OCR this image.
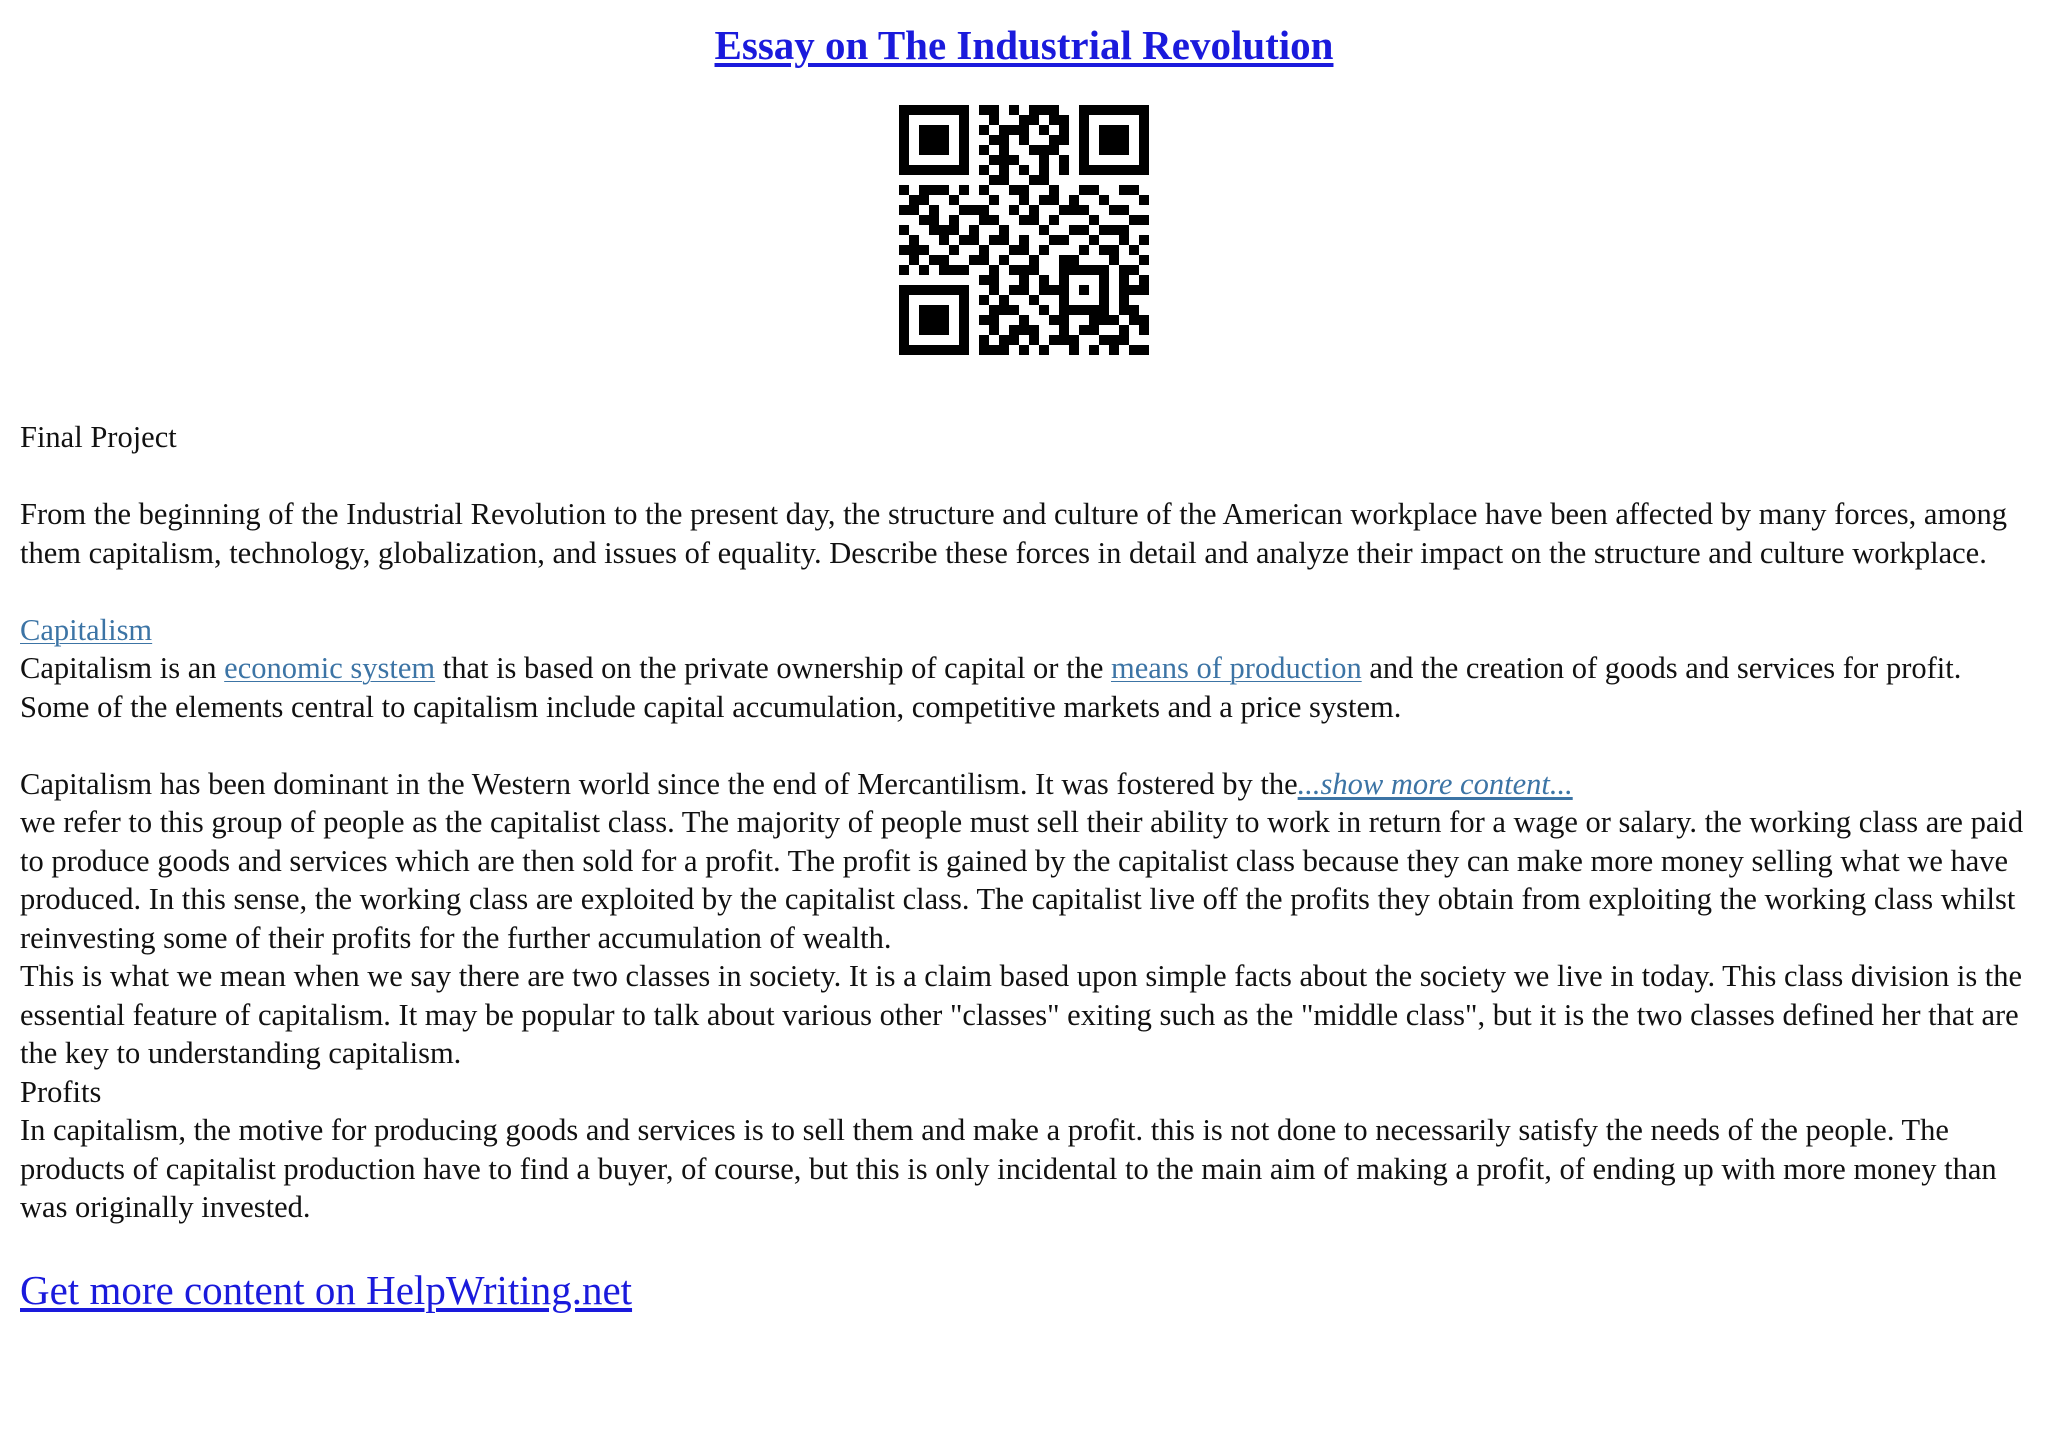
Essay on The Industrial Revolution

Final Project

From the beginning of the Industrial Revolution to the present day, the structure and culture of the American workplace have been affected by many forces, among them capitalism, technology, globalization, and issues of equality. Describe these forces in detail and analyze their impact on the structure and culture workplace.

Capitalism

Capitalism is an economic system that is based on the private ownership of capital or the means of production and the creation of goods and services for profit. Some of the elements central to capitalism include capital accumulation, competitive markets and a price system.

Capitalism has been dominant in the Western world since the end of Mercantilism. It was fostered by the...show more content...

we refer to this group of people as the capitalist class. The majority of people must sell their ability to work in return for a wage or salary. the working class are paid to produce goods and services which are then sold for a profit. The profit is gained by the capitalist class because they can make more money selling what we have produced. In this sense, the working class are exploited by the capitalist class. The capitalist live off the profits they obtain from exploiting the working class whilst reinvesting some of their profits for the further accumulation of wealth.

This is what we mean when we say there are two classes in society. It is a claim based upon simple facts about the society we live in today. This class division is the essential feature of capitalism. It may be popular to talk about various other "classes" exiting such as the "middle class", but it is the two classes defined her that are the key to understanding capitalism.

Profits

In capitalism, the motive for producing goods and services is to sell them and make a profit. this is not done to necessarily satisfy the needs of the people. The products of capitalist production have to find a buyer, of course, but this is only incidental to the main aim of making a profit, of ending up with more money than was originally invested.

Get more content on HelpWriting.net
